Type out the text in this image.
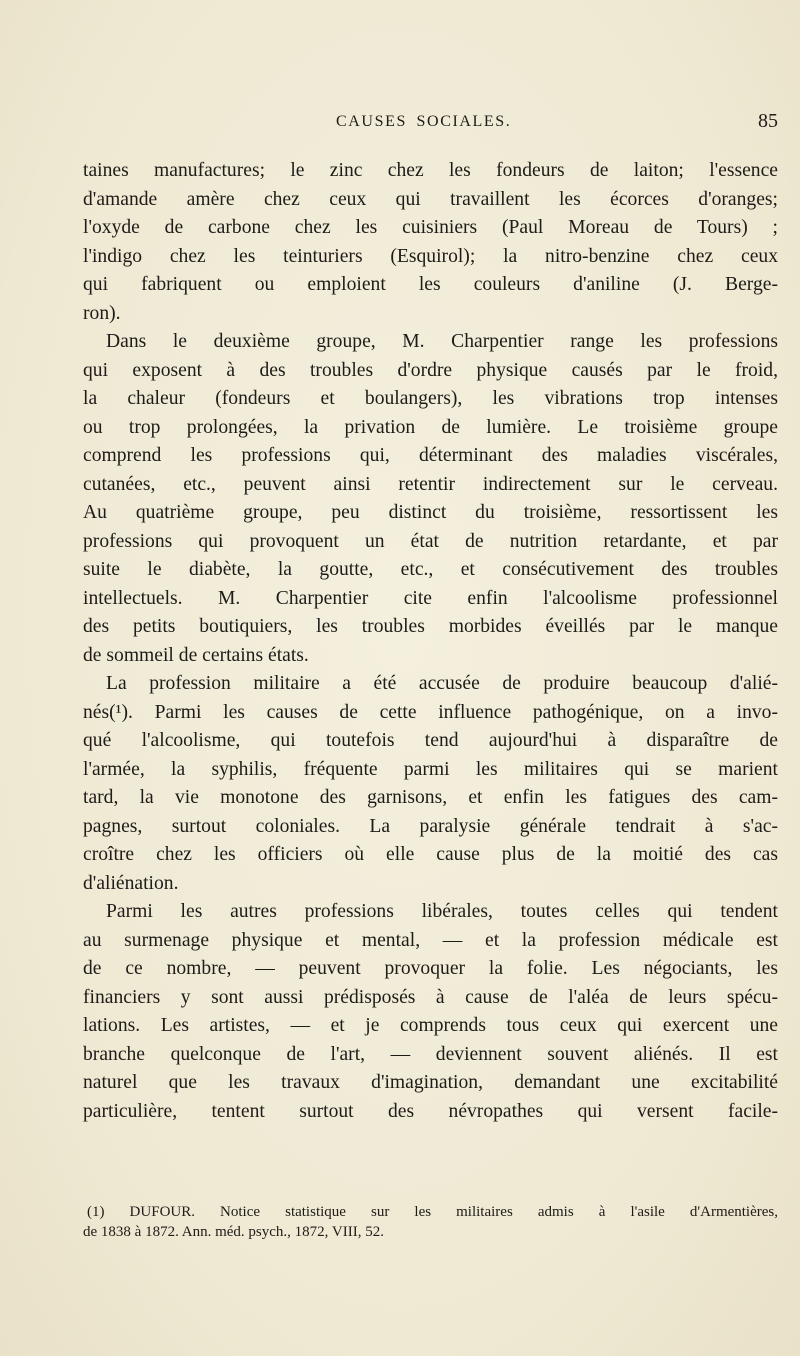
CAUSES SOCIALES.	85

taines manufactures; le zinc chez les fondeurs de laiton; l'essence

d'amande amère chez ceux qui travaillent les écorces d'oranges;

l'oxyde de carbone chez les cuisiniers (Paul Moreau de Tours) ;

l'indigo chez les teinturiers (Esquirol); la nitro-benzine chez ceux

qui fabriquent ou emploient les couleurs d'aniline (J. Berge-

ron).

Dans le deuxième groupe, M. Charpentier range les professions

qui exposent à des troubles d'ordre physique causés par le froid,

la chaleur (fondeurs et boulangers), les vibrations trop intenses

ou trop prolongées, la privation de lumière. Le troisième groupe

comprend les professions qui, déterminant des maladies viscérales,

cutanées, etc., peuvent ainsi retentir indirectement sur le cerveau.

Au quatrième groupe, peu distinct du troisième, ressortissent les

professions qui provoquent un état de nutrition retardante, et par

suite le diabète, la goutte, etc., et consécutivement des troubles

intellectuels. M. Charpentier cite enfin l'alcoolisme professionnel

des petits boutiquiers, les troubles morbides éveillés par le manque

de sommeil de certains états.

La profession militaire a été accusée de produire beaucoup d'alié-

nés(¹). Parmi les causes de cette influence pathogénique, on a invo-

qué l'alcoolisme, qui toutefois tend aujourd'hui à disparaître de

l'armée, la syphilis, fréquente parmi les militaires qui se marient

tard, la vie monotone des garnisons, et enfin les fatigues des cam-

pagnes, surtout coloniales. La paralysie générale tendrait à s'ac-

croître chez les officiers où elle cause plus de la moitié des cas

d'aliénation.

Parmi les autres professions libérales, toutes celles qui tendent

au surmenage physique et mental, — et la profession médicale est

de ce nombre, — peuvent provoquer la folie. Les négociants, les

financiers y sont aussi prédisposés à cause de l'aléa de leurs spécu-

lations. Les artistes, — et je comprends tous ceux qui exercent une

branche quelconque de l'art, — deviennent souvent aliénés. Il est

naturel que les travaux d'imagination, demandant une excitabilité

particulière, tentent surtout des névropathes qui versent facile-

(1) DUFOUR. Notice statistique sur les militaires admis à l'asile d'Armentières,

de 1838 à 1872. Ann. méd. psych., 1872, VIII, 52.
